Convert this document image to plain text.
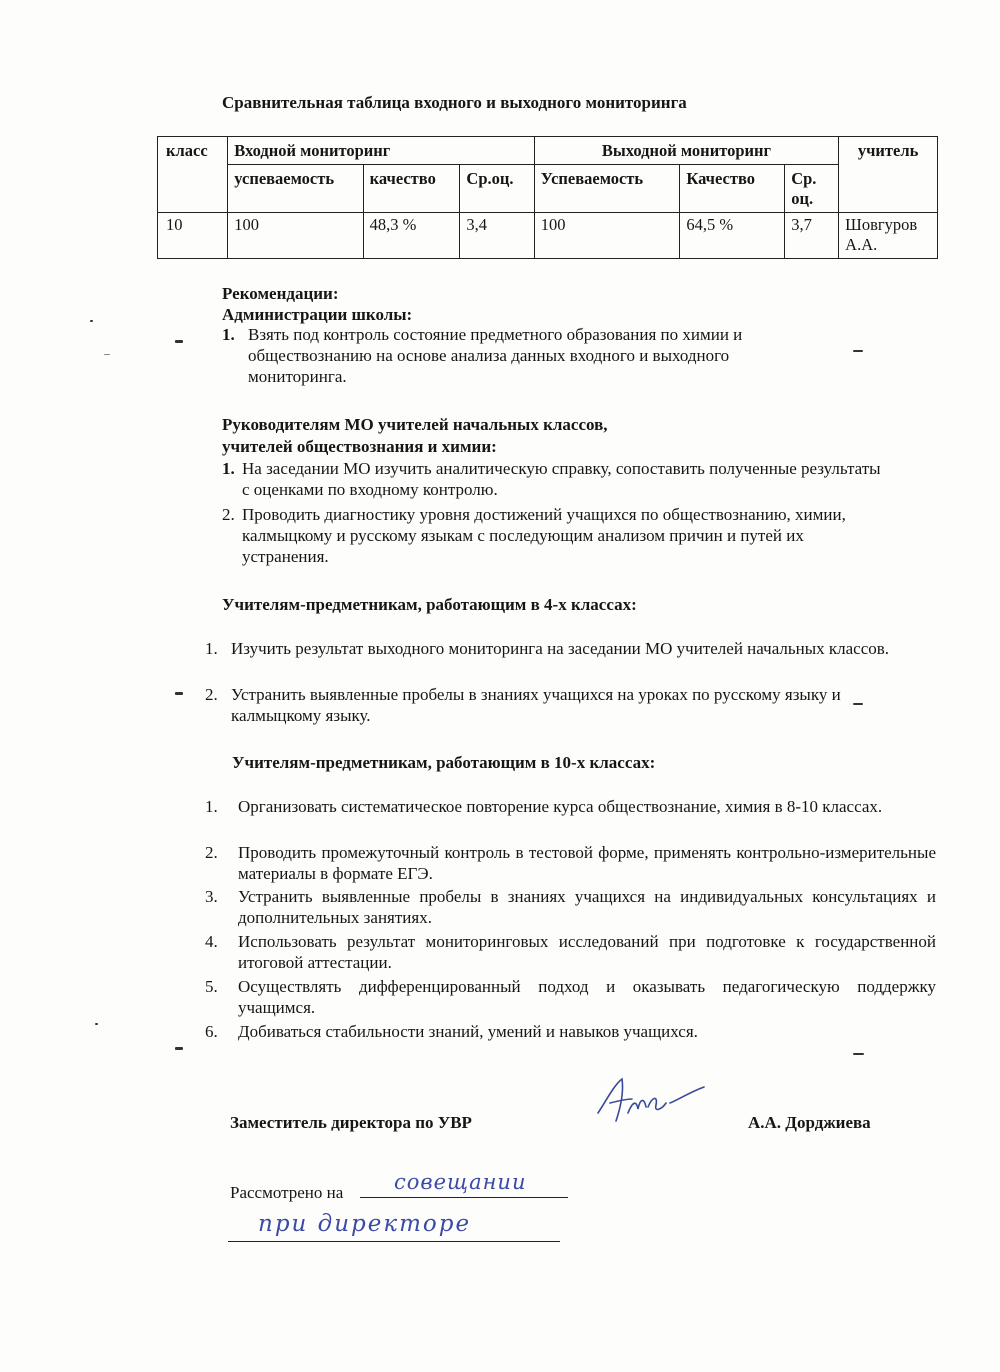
Сравнительная таблица входного и выходного мониторинга
класс	Входной мониторинг			Выходной мониторинг			учитель
	успеваемость	качество	Ср.оц.	Успеваемость	Качество	Ср. оц.	
10	100	48,3 %	3,4	100	64,5 %	3,7	Шовгуров А.А.
Рекомендации:
Администрации школы:
1. Взять под контроль состояние предметного образования по химии и обществознанию на основе анализа данных входного и выходного мониторинга.
Руководителям МО учителей начальных классов,
учителей обществознания и химии:
1. На заседании МО изучить аналитическую справку, сопоставить полученные результаты с оценками по входному контролю.
2. Проводить диагностику уровня достижений учащихся по обществознанию, химии, калмыцкому и русскому языкам с последующим анализом причин и путей их устранения.
Учителям-предметникам, работающим в 4-х классах:
1. Изучить результат выходного мониторинга на заседании МО учителей начальных классов.
2. Устранить выявленные пробелы в знаниях учащихся на уроках по русскому языку и калмыцкому языку.
Учителям-предметникам, работающим в 10-х классах:
1. Организовать систематическое повторение курса обществознание, химия в 8-10 классах.
2. Проводить промежуточный контроль в тестовой форме, применять контрольно-измерительные материалы в формате ЕГЭ.
3. Устранить выявленные пробелы в знаниях учащихся на индивидуальных консультациях и дополнительных занятиях.
4. Использовать результат мониторинговых исследований при подготовке к государственной итоговой аттестации.
5. Осуществлять дифференцированный подход и оказывать педагогическую поддержку учащимся.
6. Добиваться стабильности знаний, умений и навыков учащихся.
Заместитель директора по УВР	А.А. Дорджиева
Рассмотрено на совещании
при директоре
